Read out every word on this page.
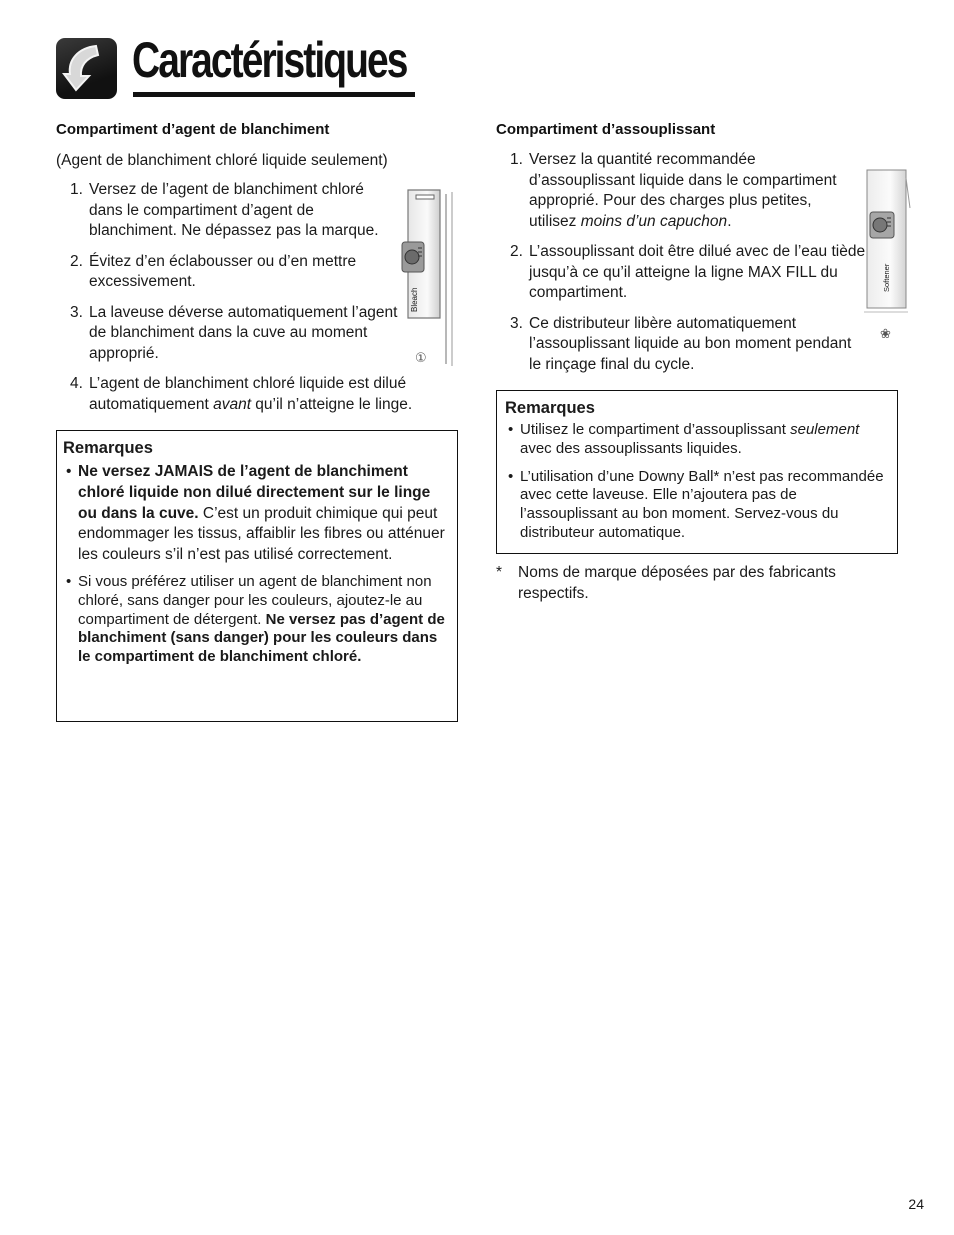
Caractéristiques
Compartiment d’agent de blanchiment

(Agent de blanchiment chloré liquide seulement)

1. Versez de l’agent de blanchiment chloré dans le compartiment d’agent de blanchiment. Ne dépassez pas la marque.
2. Évitez d’en éclabousser ou d’en mettre excessivement.
3. La laveuse déverse automatiquement l’agent de blanchiment dans la cuve au moment approprié.
4. L’agent de blanchiment chloré liquide est dilué automatiquement avant qu’il n’atteigne le linge.
Bleach
①
Remarques
• Ne versez JAMAIS de l’agent de blanchiment chloré liquide non dilué directement sur le linge ou dans la cuve. C’est un produit chimique qui peut endommager les tissus, affaiblir les fibres ou atténuer les couleurs s’il n’est pas utilisé correctement.
• Si vous préférez utiliser un agent de blanchiment non chloré, sans danger pour les couleurs, ajoutez-le au compartiment de détergent. Ne versez pas d’agent de blanchiment (sans danger) pour les couleurs dans le compartiment de blanchiment chloré.
Compartiment d’assouplissant
1. Versez la quantité recommandée d’assouplissant liquide dans le compartiment approprié. Pour des charges plus petites, utilisez moins d’un capuchon.
2. L’assouplissant doit être dilué avec de l’eau tiède jusqu’à ce qu’il atteigne la ligne MAX FILL du compartiment.
3. Ce distributeur libère automatiquement l’assouplissant liquide au bon moment pendant le rinçage final du cycle.
Softener
❀
Remarques
• Utilisez le compartiment d’assouplissant seulement avec des assouplissants liquides.
• L’utilisation d’une Downy Ball* n’est pas recommandée avec cette laveuse. Elle n’ajoutera pas de l’assouplissant au bon moment. Servez-vous du distributeur automatique.
*	Noms de marque déposées par des fabricants respectifs.
24
